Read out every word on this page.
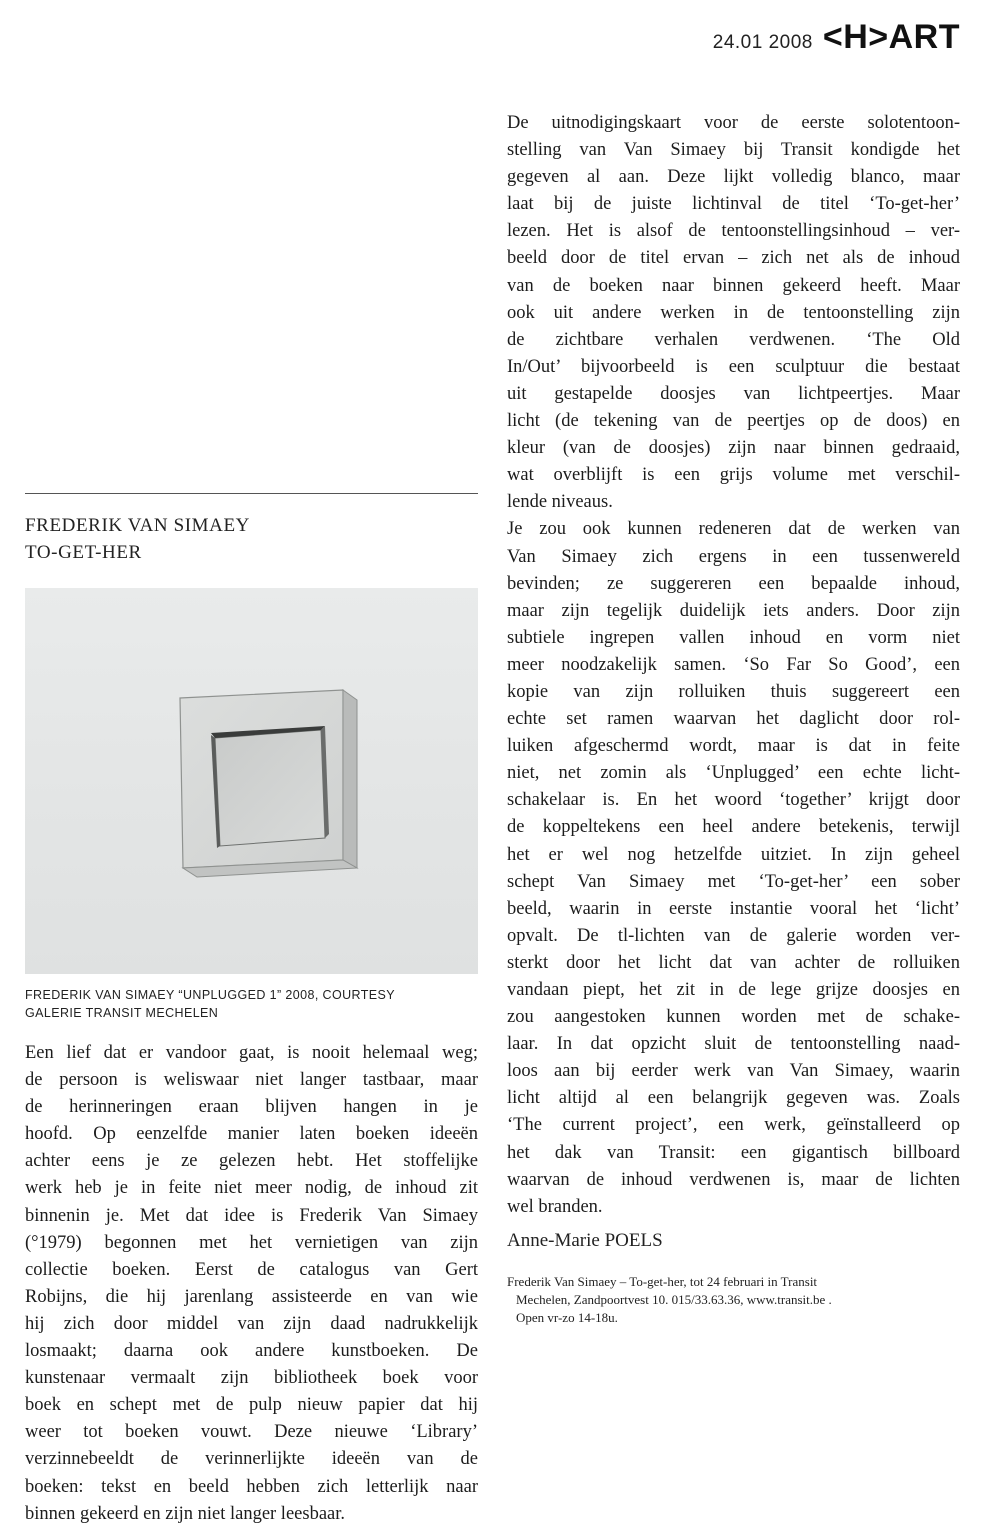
24.01 2008 <H>ART
FREDERIK VAN SIMAEY
TO-GET-HER
FREDERIK VAN SIMAEY “UNPLUGGED 1” 2008, COURTESY
GALERIE TRANSIT MECHELEN
Een lief dat er vandoor gaat, is nooit helemaal weg;
de persoon is weliswaar niet langer tastbaar, maar
de herinneringen eraan blijven hangen in je
hoofd. Op eenzelfde manier laten boeken ideeën
achter eens je ze gelezen hebt. Het stoffelijke
werk heb je in feite niet meer nodig, de inhoud zit
binnenin je. Met dat idee is Frederik Van Simaey
(°1979) begonnen met het vernietigen van zijn
collectie boeken. Eerst de catalogus van Gert
Robijns, die hij jarenlang assisteerde en van wie
hij zich door middel van zijn daad nadrukkelijk
losmaakt; daarna ook andere kunstboeken. De
kunstenaar vermaalt zijn bibliotheek boek voor
boek en schept met de pulp nieuw papier dat hij
weer tot boeken vouwt. Deze nieuwe ‘Library’
verzinnebeeldt de verinnerlijkte ideeën van de
boeken: tekst en beeld hebben zich letterlijk naar
binnen gekeerd en zijn niet langer leesbaar.
De uitnodigingskaart voor de eerste solotentoon-
stelling van Van Simaey bij Transit kondigde het
gegeven al aan. Deze lijkt volledig blanco, maar
laat bij de juiste lichtinval de titel ‘To-get-her’
lezen. Het is alsof de tentoonstellingsinhoud – ver-
beeld door de titel ervan – zich net als de inhoud
van de boeken naar binnen gekeerd heeft. Maar
ook uit andere werken in de tentoonstelling zijn
de zichtbare verhalen verdwenen. ‘The Old
In/Out’ bijvoorbeeld is een sculptuur die bestaat
uit gestapelde doosjes van lichtpeertjes. Maar
licht (de tekening van de peertjes op de doos) en
kleur (van de doosjes) zijn naar binnen gedraaid,
wat overblijft is een grijs volume met verschil-
lende niveaus.
Je zou ook kunnen redeneren dat de werken van
Van Simaey zich ergens in een tussenwereld
bevinden; ze suggereren een bepaalde inhoud,
maar zijn tegelijk duidelijk iets anders. Door zijn
subtiele ingrepen vallen inhoud en vorm niet
meer noodzakelijk samen. ‘So Far So Good’, een
kopie van zijn rolluiken thuis suggereert een
echte set ramen waarvan het daglicht door rol-
luiken afgeschermd wordt, maar is dat in feite
niet, net zomin als ‘Unplugged’ een echte licht-
schakelaar is. En het woord ‘together’ krijgt door
de koppeltekens een heel andere betekenis, terwijl
het er wel nog hetzelfde uitziet. In zijn geheel
schept Van Simaey met ‘To-get-her’ een sober
beeld, waarin in eerste instantie vooral het ‘licht’
opvalt. De tl-lichten van de galerie worden ver-
sterkt door het licht dat van achter de rolluiken
vandaan piept, het zit in de lege grijze doosjes en
zou aangestoken kunnen worden met de schake-
laar. In dat opzicht sluit de tentoonstelling naad-
loos aan bij eerder werk van Van Simaey, waarin
licht altijd al een belangrijk gegeven was. Zoals
‘The current project’, een werk, geïnstalleerd op
het dak van Transit: een gigantisch billboard
waarvan de inhoud verdwenen is, maar de lichten
wel branden.
Anne-Marie POELS
Frederik Van Simaey – To-get-her, tot 24 februari in Transit
Mechelen, Zandpoortvest 10. 015/33.63.36, www.transit.be .
Open vr-zo 14-18u.
